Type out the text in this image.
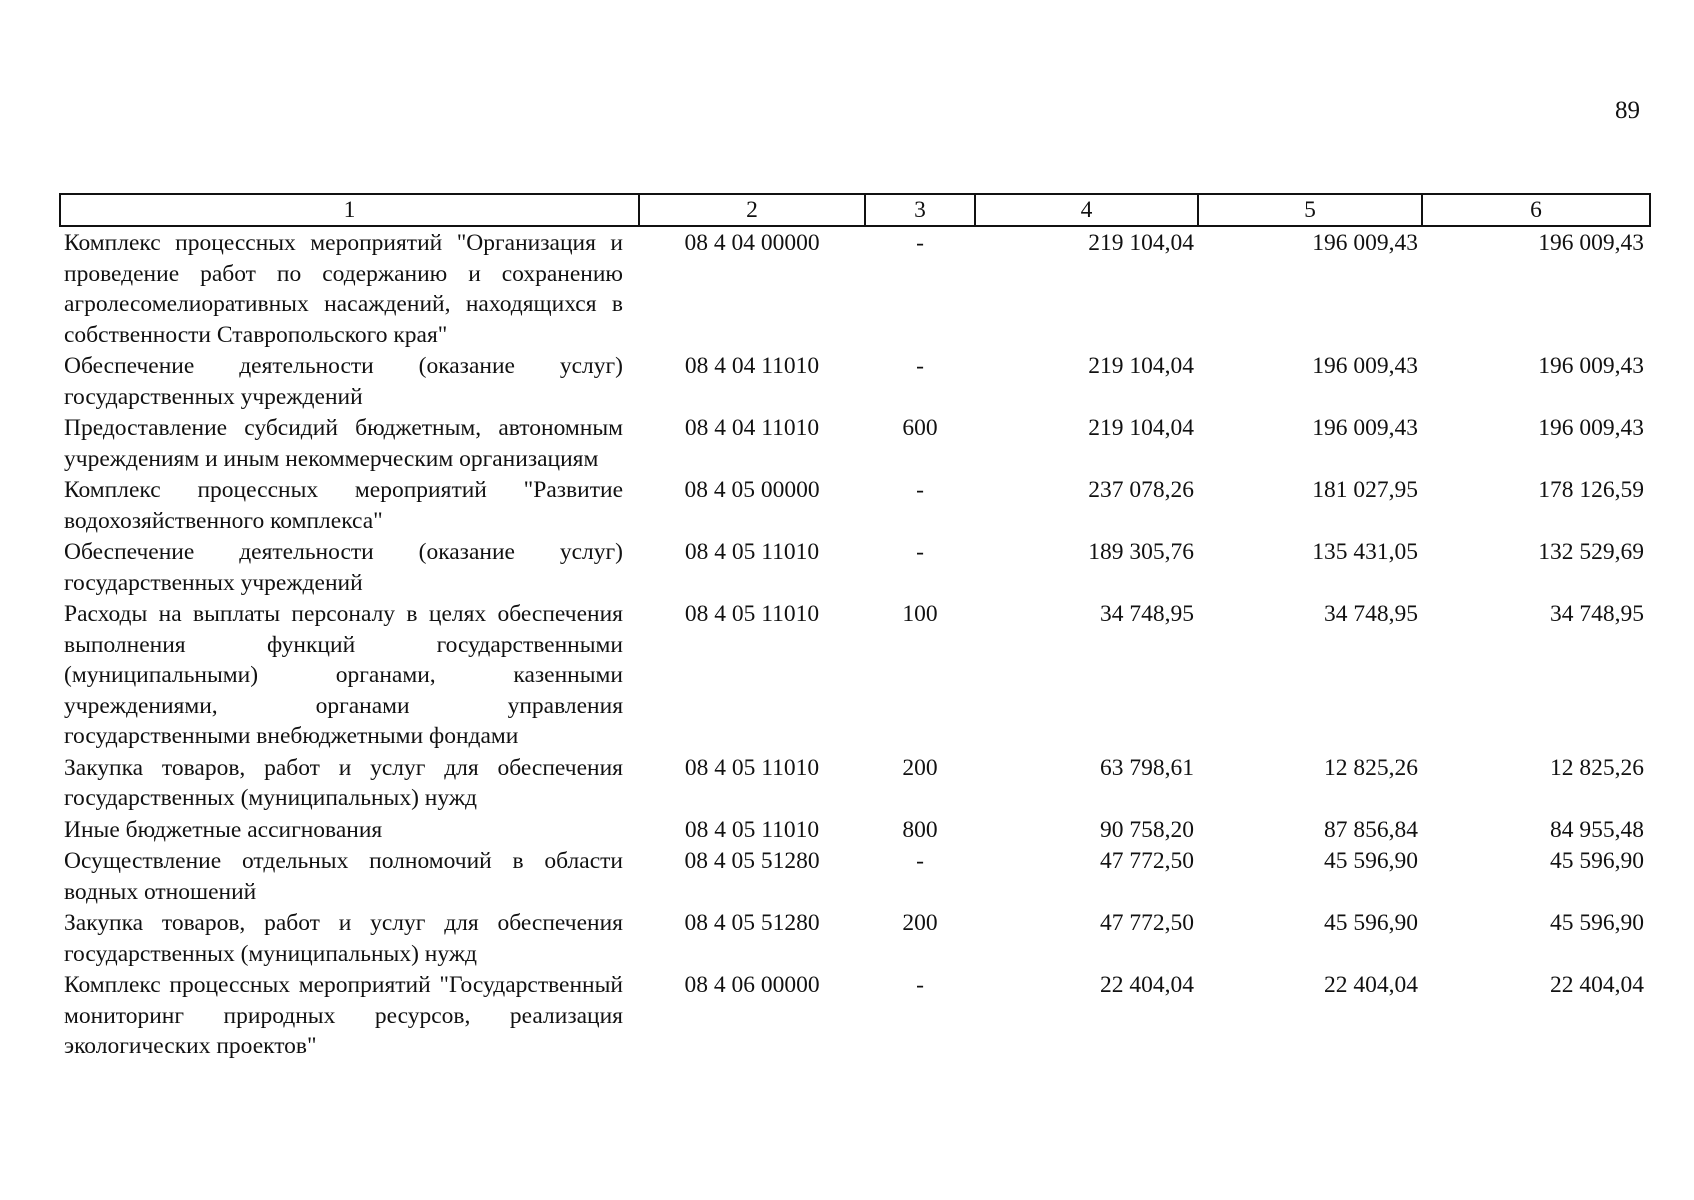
89
1	2	3	4	5	6
Комплекс процессных мероприятий "Организация и проведение работ по содержанию и сохранению агролесомелиоративных насаждений, находящихся в собственности Ставропольского края"	08 4 04 00000	-	219 104,04	196 009,43	196 009,43
Обеспечение деятельности (оказание услуг) государственных учреждений	08 4 04 11010	-	219 104,04	196 009,43	196 009,43
Предоставление субсидий бюджетным, автономным учреждениям и иным некоммерческим организациям	08 4 04 11010	600	219 104,04	196 009,43	196 009,43
Комплекс процессных мероприятий "Развитие водохозяйственного комплекса"	08 4 05 00000	-	237 078,26	181 027,95	178 126,59
Обеспечение деятельности (оказание услуг) государственных учреждений	08 4 05 11010	-	189 305,76	135 431,05	132 529,69
Расходы на выплаты персоналу в целях обеспечения выполнения функций государственными (муниципальными) органами, казенными учреждениями, органами управления государственными внебюджетными фондами	08 4 05 11010	100	34 748,95	34 748,95	34 748,95
Закупка товаров, работ и услуг для обеспечения государственных (муниципальных) нужд	08 4 05 11010	200	63 798,61	12 825,26	12 825,26
Иные бюджетные ассигнования	08 4 05 11010	800	90 758,20	87 856,84	84 955,48
Осуществление отдельных полномочий в области водных отношений	08 4 05 51280	-	47 772,50	45 596,90	45 596,90
Закупка товаров, работ и услуг для обеспечения государственных (муниципальных) нужд	08 4 05 51280	200	47 772,50	45 596,90	45 596,90
Комплекс процессных мероприятий "Государственный мониторинг природных ресурсов, реализация экологических проектов"	08 4 06 00000	-	22 404,04	22 404,04	22 404,04
